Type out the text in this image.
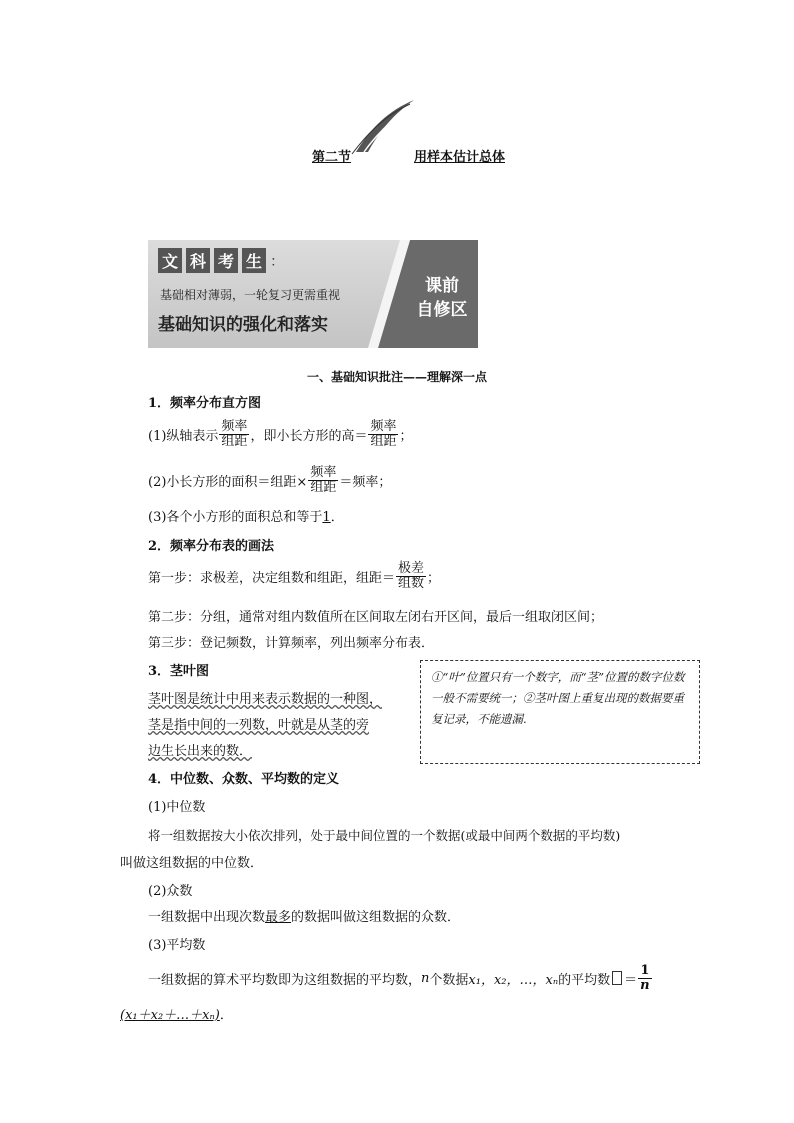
第二节	用样本估计总体
文 科 考 生 ：
基础相对薄弱，一轮复习更需重视
基础知识的强化和落实
课前
自修区
一、基础知识批注——理解深一点
1．频率分布直方图
(1)纵轴表示 $\frac{\text{频率}}{\text{组距}}$ ，即小长方形的高＝ $\frac{\text{频率}}{\text{组距}}$ ；
(2)小长方形的面积＝组距× $\frac{\text{频率}}{\text{组距}}$ ＝频率；
(3)各个小方形的面积总和等于1．
2．频率分布表的画法
第一步：求极差，决定组数和组距，组距＝ $\frac{\text{极差}}{\text{组数}}$ ；
第二步：分组，通常对组内数值所在区间取左闭右开区间，最后一组取闭区间；
第三步：登记频数，计算频率，列出频率分布表．
3．茎叶图
茎叶图是统计中用来表示数据的一种图，
茎是指中间的一列数，叶就是从茎的旁
边生长出来的数．
①“叶”位置只有一个数字，而“茎”位置的数字位数一般不需要统一；②茎叶图上重复出现的数据要重复记录，不能遗漏.
4．中位数、众数、平均数的定义
(1)中位数
将一组数据按大小依次排列，处于最中间位置的一个数据(或最中间两个数据的平均数)
叫做这组数据的中位数．
(2)众数
一组数据中出现次数最多的数据叫做这组数据的众数．
(3)平均数
一组数据的算术平均数即为这组数据的平均数， n 个数据 x₁，x₂，…，xₙ 的平均数 ＝ $\frac{1}{n}$
(x₁＋x₂＋…＋xₙ)．
